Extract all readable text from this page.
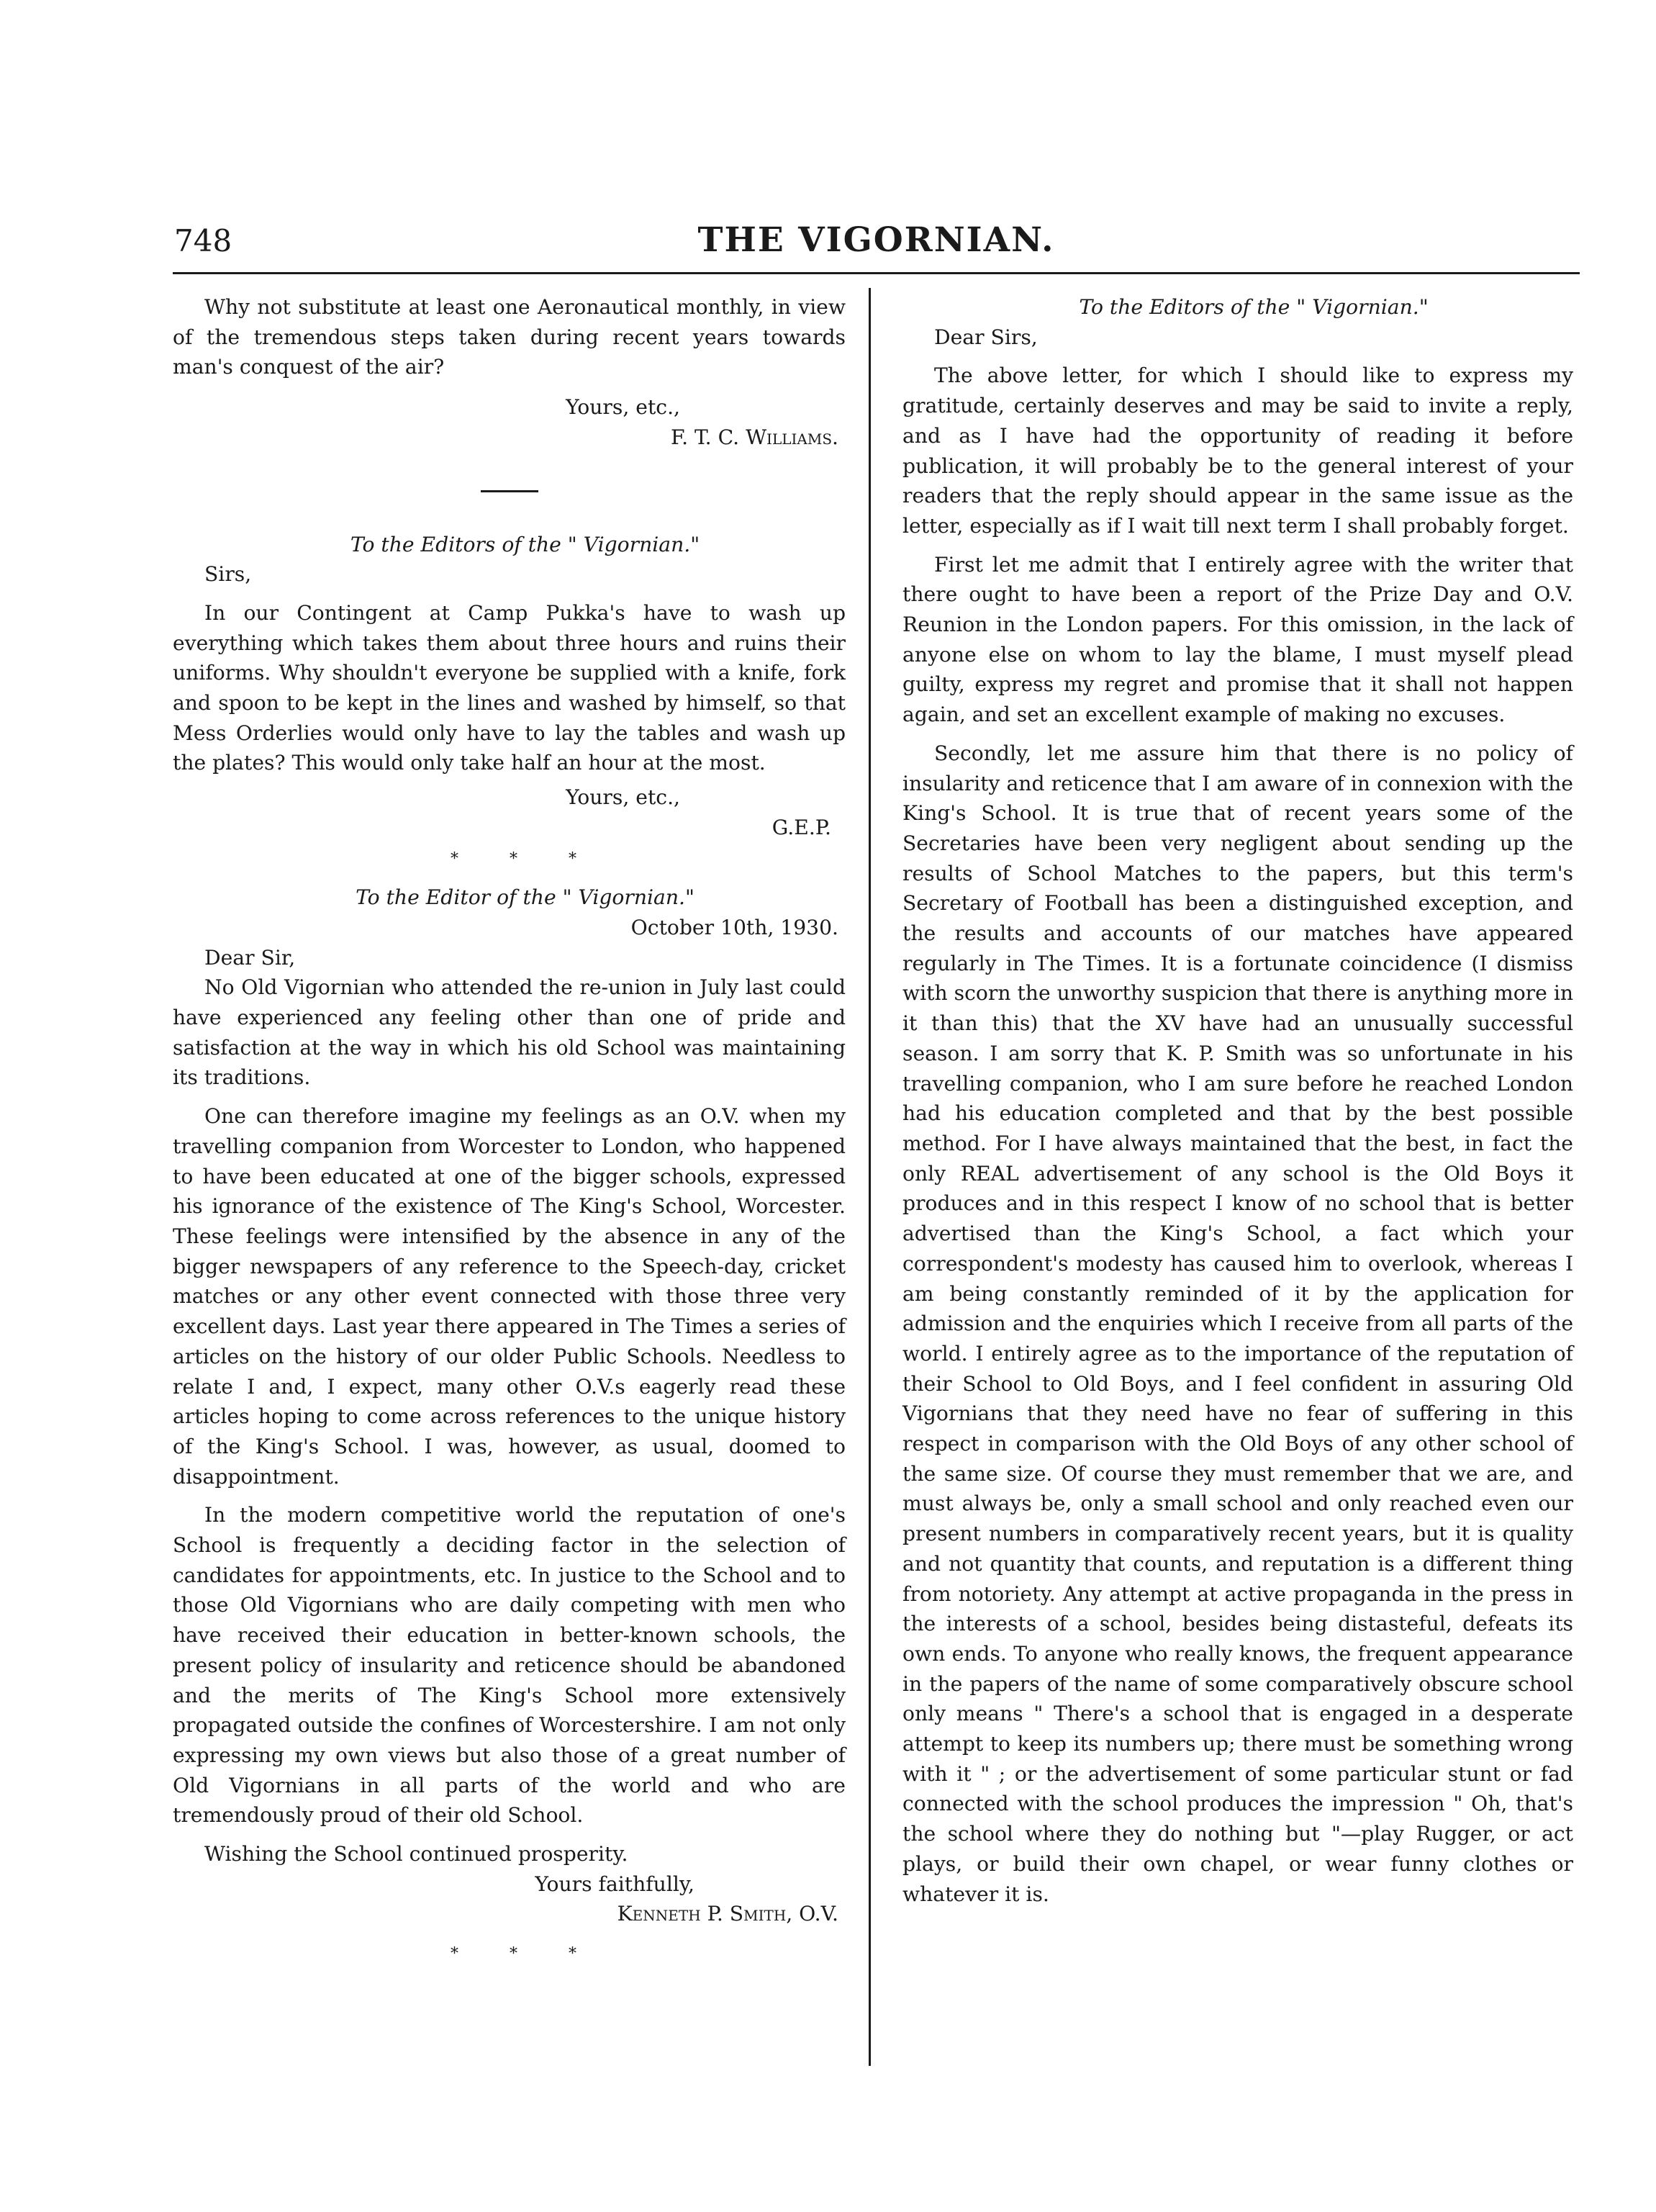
748	THE VIGORNIAN.

Why not substitute at least one Aeronautical monthly, in view of the tremendous steps taken during recent years towards man's conquest of the air?

Yours, etc.,

F. T. C. Williams.

To the Editors of the " Vigornian."

Sirs,

In our Contingent at Camp Pukka's have to wash up everything which takes them about three hours and ruins their uniforms. Why shouldn't everyone be supplied with a knife, fork and spoon to be kept in the lines and washed by himself, so that Mess Orderlies would only have to lay the tables and wash up the plates? This would only take half an hour at the most.

Yours, etc.,

G.E.P.

* * *

To the Editor of the " Vigornian."

October 10th, 1930.

Dear Sir,

No Old Vigornian who attended the re-union in July last could have experienced any feeling other than one of pride and satisfaction at the way in which his old School was maintaining its traditions.

One can therefore imagine my feelings as an O.V. when my travelling companion from Worcester to London, who happened to have been educated at one of the bigger schools, expressed his ignorance of the existence of The King's School, Worcester. These feelings were intensified by the absence in any of the bigger newspapers of any reference to the Speech-day, cricket matches or any other event connected with those three very excellent days. Last year there appeared in The Times a series of articles on the history of our older Public Schools. Needless to relate I and, I expect, many other O.V.s eagerly read these articles hoping to come across references to the unique history of the King's School. I was, however, as usual, doomed to disappointment.

In the modern competitive world the reputation of one's School is frequently a deciding factor in the selection of candidates for appointments, etc. In justice to the School and to those Old Vigornians who are daily competing with men who have received their education in better-known schools, the present policy of insularity and reticence should be abandoned and the merits of The King's School more extensively propagated outside the confines of Worcestershire. I am not only expressing my own views but also those of a great number of Old Vigornians in all parts of the world and who are tremendously proud of their old School.

Wishing the School continued prosperity.

Yours faithfully,

Kenneth P. Smith, O.V.

* * *

To the Editors of the " Vigornian."

Dear Sirs,

The above letter, for which I should like to express my gratitude, certainly deserves and may be said to invite a reply, and as I have had the opportunity of reading it before publication, it will probably be to the general interest of your readers that the reply should appear in the same issue as the letter, especially as if I wait till next term I shall probably forget.

First let me admit that I entirely agree with the writer that there ought to have been a report of the Prize Day and O.V. Reunion in the London papers. For this omission, in the lack of anyone else on whom to lay the blame, I must myself plead guilty, express my regret and promise that it shall not happen again, and set an excellent example of making no excuses.

Secondly, let me assure him that there is no policy of insularity and reticence that I am aware of in connexion with the King's School. It is true that of recent years some of the Secretaries have been very negligent about sending up the results of School Matches to the papers, but this term's Secretary of Football has been a distinguished exception, and the results and accounts of our matches have appeared regularly in The Times. It is a fortunate coincidence (I dismiss with scorn the unworthy suspicion that there is anything more in it than this) that the XV have had an unusually successful season. I am sorry that K. P. Smith was so unfortunate in his travelling companion, who I am sure before he reached London had his education completed and that by the best possible method. For I have always maintained that the best, in fact the only REAL advertisement of any school is the Old Boys it produces and in this respect I know of no school that is better advertised than the King's School, a fact which your correspondent's modesty has caused him to overlook, whereas I am being constantly reminded of it by the application for admission and the enquiries which I receive from all parts of the world. I entirely agree as to the importance of the reputation of their School to Old Boys, and I feel confident in assuring Old Vigornians that they need have no fear of suffering in this respect in comparison with the Old Boys of any other school of the same size. Of course they must remember that we are, and must always be, only a small school and only reached even our present numbers in comparatively recent years, but it is quality and not quantity that counts, and reputation is a different thing from notoriety. Any attempt at active propaganda in the press in the interests of a school, besides being distasteful, defeats its own ends. To anyone who really knows, the frequent appearance in the papers of the name of some comparatively obscure school only means " There's a school that is engaged in a desperate attempt to keep its numbers up; there must be something wrong with it " ; or the advertisement of some particular stunt or fad connected with the school produces the impression " Oh, that's the school where they do nothing but "—play Rugger, or act plays, or build their own chapel, or wear funny clothes or whatever it is.
